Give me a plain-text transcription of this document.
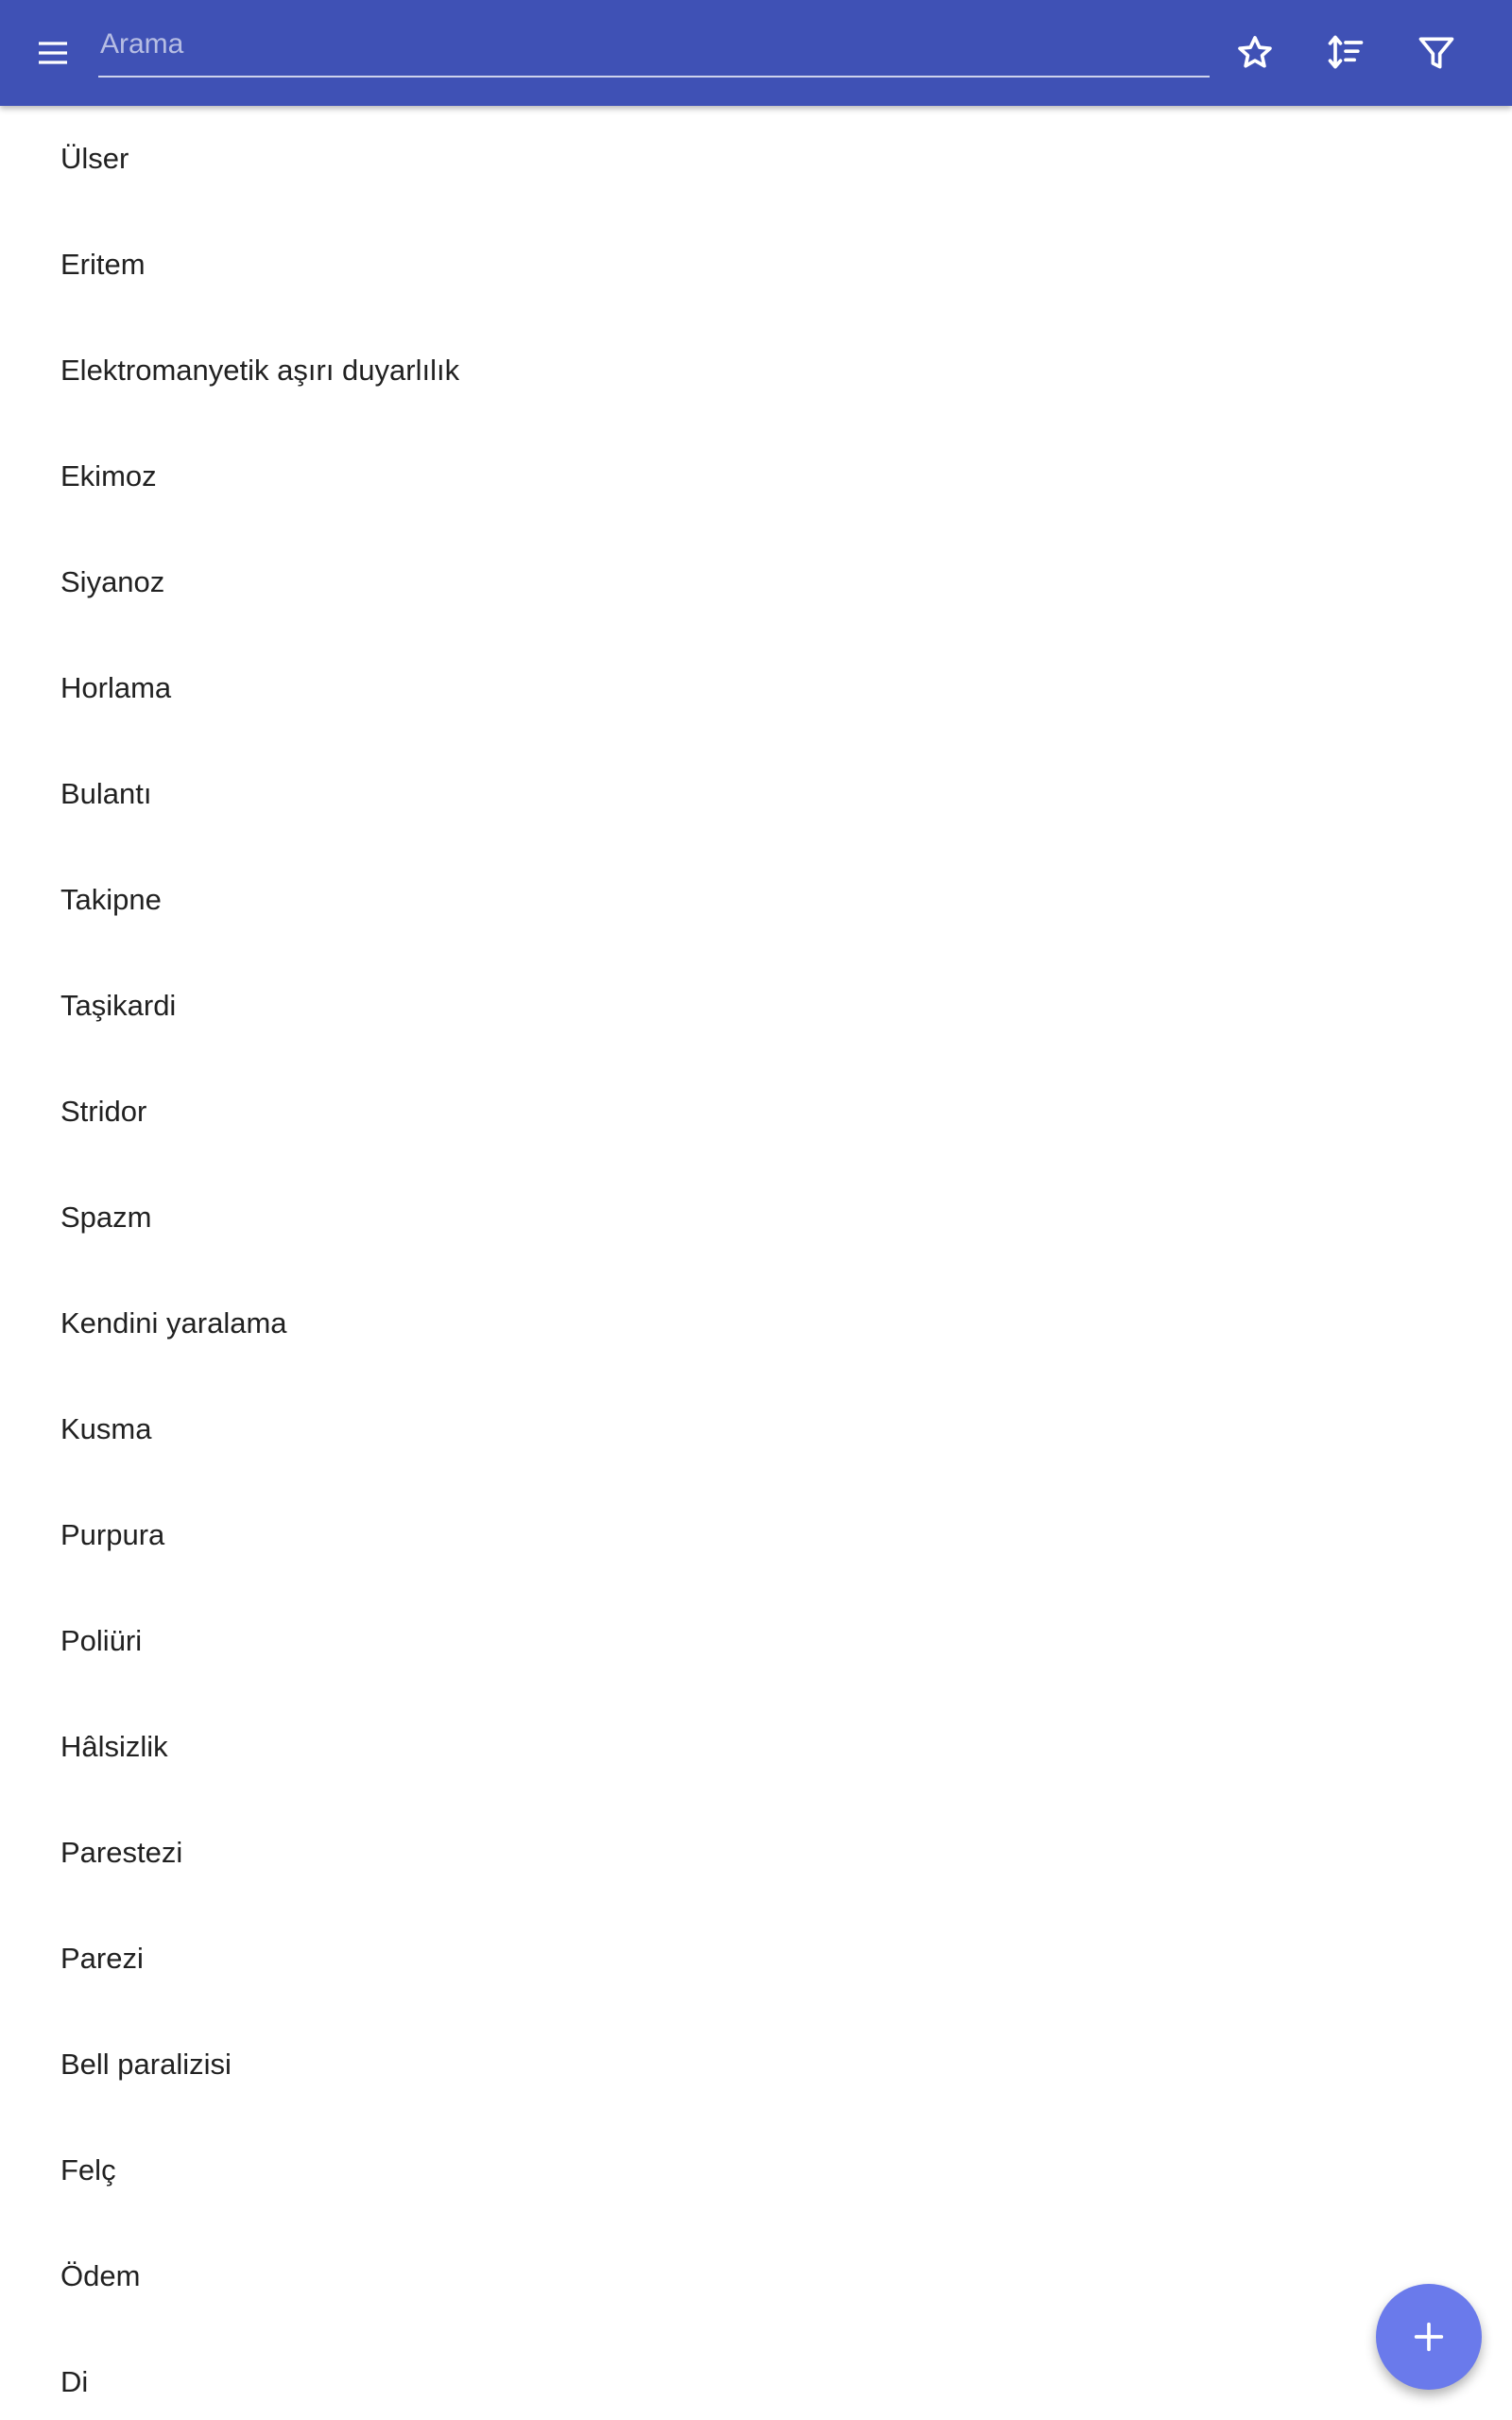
Arama
Ülser
Eritem
Elektromanyetik aşırı duyarlılık
Ekimoz
Siyanoz
Horlama
Bulantı
Takipne
Taşikardi
Stridor
Spazm
Kendini yaralama
Kusma
Purpura
Poliüri
Hâlsizlik
Parestezi
Parezi
Bell paralizisi
Felç
Ödem
Di
